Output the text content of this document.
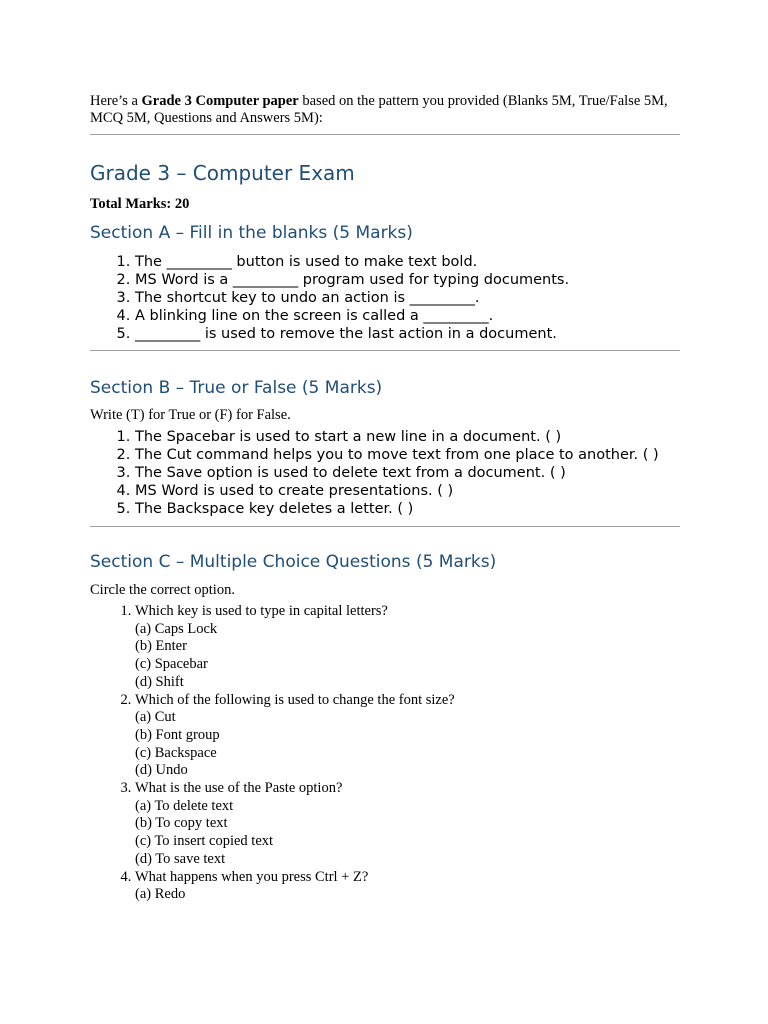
Here’s a Grade 3 Computer paper based on the pattern you provided (Blanks 5M, True/False 5M, MCQ 5M, Questions and Answers 5M):

Grade 3 – Computer Exam

Total Marks: 20

Section A – Fill in the blanks (5 Marks)
1. The _________ button is used to make text bold.
2. MS Word is a _________ program used for typing documents.
3. The shortcut key to undo an action is _________.
4. A blinking line on the screen is called a _________.
5. _________ is used to remove the last action in a document.
Section B – True or False (5 Marks)

Write (T) for True or (F) for False.

1. The Spacebar is used to start a new line in a document. ( )
2. The Cut command helps you to move text from one place to another. ( )
3. The Save option is used to delete text from a document. ( )
4. MS Word is used to create presentations. ( )
5. The Backspace key deletes a letter. ( )
Section C – Multiple Choice Questions (5 Marks)

Circle the correct option.

1. Which key is used to type in capital letters?
(a) Caps Lock
(b) Enter
(c) Spacebar
(d) Shift
2. Which of the following is used to change the font size?
(a) Cut
(b) Font group
(c) Backspace
(d) Undo
3. What is the use of the Paste option?
(a) To delete text
(b) To copy text
(c) To insert copied text
(d) To save text
4. What happens when you press Ctrl + Z?
(a) Redo
